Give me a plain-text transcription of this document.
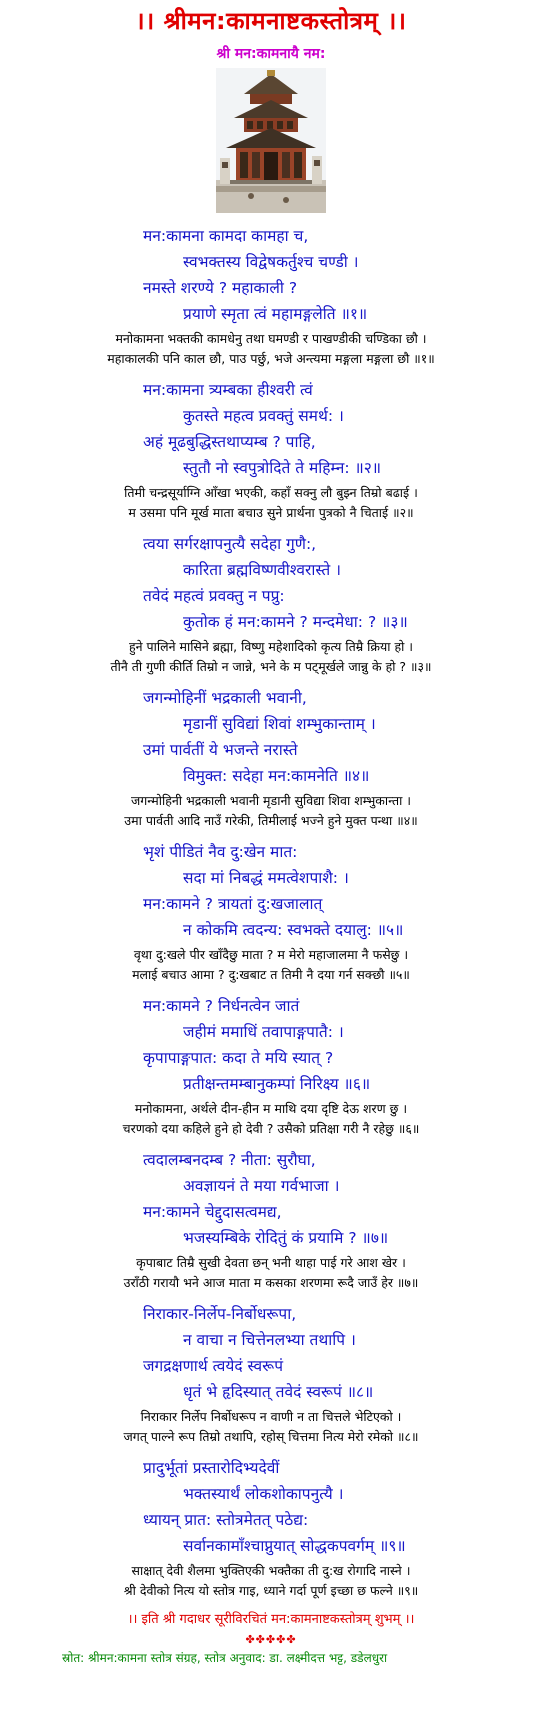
।। श्रीमन:कामनाष्टकस्तोत्रम् ।।
श्री मन:कामनायै नम:
मन:कामना कामदा कामहा च,
स्वभक्तस्य विद्वेषकर्तुश्च चण्डी ।
नमस्ते शरण्ये ? महाकाली ?
प्रयाणे स्मृता त्वं महामङ्गलेति ॥१॥
मनोकामना भक्तकी कामधेनु तथा घमण्डी र पाखण्डीकी चण्डिका छौ ।
महाकालकी पनि काल छौ, पाउ पर्छु, भजे अन्त्यमा मङ्गला मङ्गला छौ ॥१॥
मन:कामना त्र्यम्बका हीश्वरी त्वं
कुतस्ते महत्व प्रवक्तुं समर्थ: ।
अहं मूढबुद्धिस्तथाप्यम्ब ? पाहि,
स्तुतौ नो स्वपुत्रोदिते ते महिम्न: ॥२॥
तिमी चन्द्रसूर्याग्नि आँखा भएकी, कहाँ सक्नु लौ बुझ्न तिम्रो बढाई ।
म उसमा पनि मूर्ख माता बचाउ सुने प्रार्थना पुत्रको नै चिताई ॥२॥
त्वया सर्गरक्षापनुत्यै सदेहा गुणै:,
कारिता ब्रह्मविष्णवीश्वरास्ते ।
तवेदं महत्वं प्रवक्तु न पप्रु:
कुतोक हं मन:कामने ? मन्दमेधा: ? ॥३॥
हुने पालिने मासिने ब्रह्मा, विष्णु महेशादिको कृत्य तिम्रै क्रिया हो ।
तीनै ती गुणी कीर्ति तिम्रो न जान्ने, भने के म पट्मूर्खले जान्नु के हो ? ॥३॥
जगन्मोहिनीं भद्रकाली भवानी,
मृडानीं सुविद्यां शिवां शम्भुकान्ताम् ।
उमां पार्वतीं ये भजन्ते नरास्ते
विमुक्त: सदेहा मन:कामनेति ॥४॥
जगन्मोहिनी भद्रकाली भवानी मृडानी सुविद्या शिवा शम्भुकान्ता ।
उमा पार्वती आदि नाउँ गरेकी, तिमीलाई भज्ने हुने मुक्त पन्था ॥४॥
भृशं पीडितं नैव दु:खेन मात:
सदा मां निबद्धं ममत्वेशपाशै: ।
मन:कामने ? त्रायतां दु:खजालात्
न कोकमि त्वदन्य: स्वभक्ते दयालु: ॥५॥
वृथा दु:खले पीर खाँदैछु माता ? म मेरो महाजालमा नै फसेछु ।
मलाई बचाउ आमा ? दु:खबाट त तिमी नै दया गर्न सक्छौ ॥५॥
मन:कामने ? निर्धनत्वेन जातं
जहीमं ममाधिं तवापाङ्गपातै: ।
कृपापाङ्गपात: कदा ते मयि स्यात् ?
प्रतीक्षन्तमम्बानुकम्पां निरिक्ष्य ॥६॥
मनोकामना, अर्थले दीन-हीन म माथि दया दृष्टि देऊ शरण छु ।
चरणको दया कहिले हुने हो देवी ? उसैको प्रतिक्षा गरी नै रहेछु ॥६॥
त्वदालम्बनदम्ब ? नीता: सुरौघा,
अवज्ञायनं ते मया गर्वभाजा ।
मन:कामने चेद्दुदासत्वमद्य,
भजस्यम्बिके रोदितुं कं प्रयामि ? ॥७॥
कृपाबाट तिम्रै सुखी देवता छन् भनी थाहा पाई गरे आश खेर ।
उराँठी गरायौ भने आज माता म कसका शरणमा रूदै जाउँ हेर ॥७॥
निराकार-निर्लेप-निर्बोधरूपा,
न वाचा न चित्तेनलभ्या तथापि ।
जगद्रक्षणार्थ त्वयेदं स्वरूपं
धृतं भे हृदिस्यात् तवेदं स्वरूपं ॥८॥
निराकार निर्लेप निर्बोधरूप न वाणी न ता चित्तले भेटिएको ।
जगत् पाल्ने रूप तिम्रो तथापि, रहोस् चित्तमा नित्य मेरो रमेको ॥८॥
प्रादुर्भूतां प्रस्तारोदिभ्यदेवीं
भक्तस्यार्थं लोकशोकापनुत्यै ।
ध्यायन् प्रात: स्तोत्रमेतत् पठेद्य:
सर्वानकामाँश्चाप्नुयात् सोद्धकपवर्गम् ॥९॥
साक्षात् देवी शैलमा भुक्तिएकी भक्तैका ती दु:ख रोगादि नास्ने ।
श्री देवीको नित्य यो स्तोत्र गाइ, ध्याने गर्दा पूर्ण इच्छा छ फल्ने ॥९॥
।। इति श्री गदाधर सूरीविरचितं मन:कामनाष्टकस्तोत्रम् शुभम् ।।
✤✤✤✤✤
स्रोत: श्रीमन:कामना स्तोत्र संग्रह, स्तोत्र अनुवाद: डा. लक्ष्मीदत्त भट्ट, डडेलधुरा
